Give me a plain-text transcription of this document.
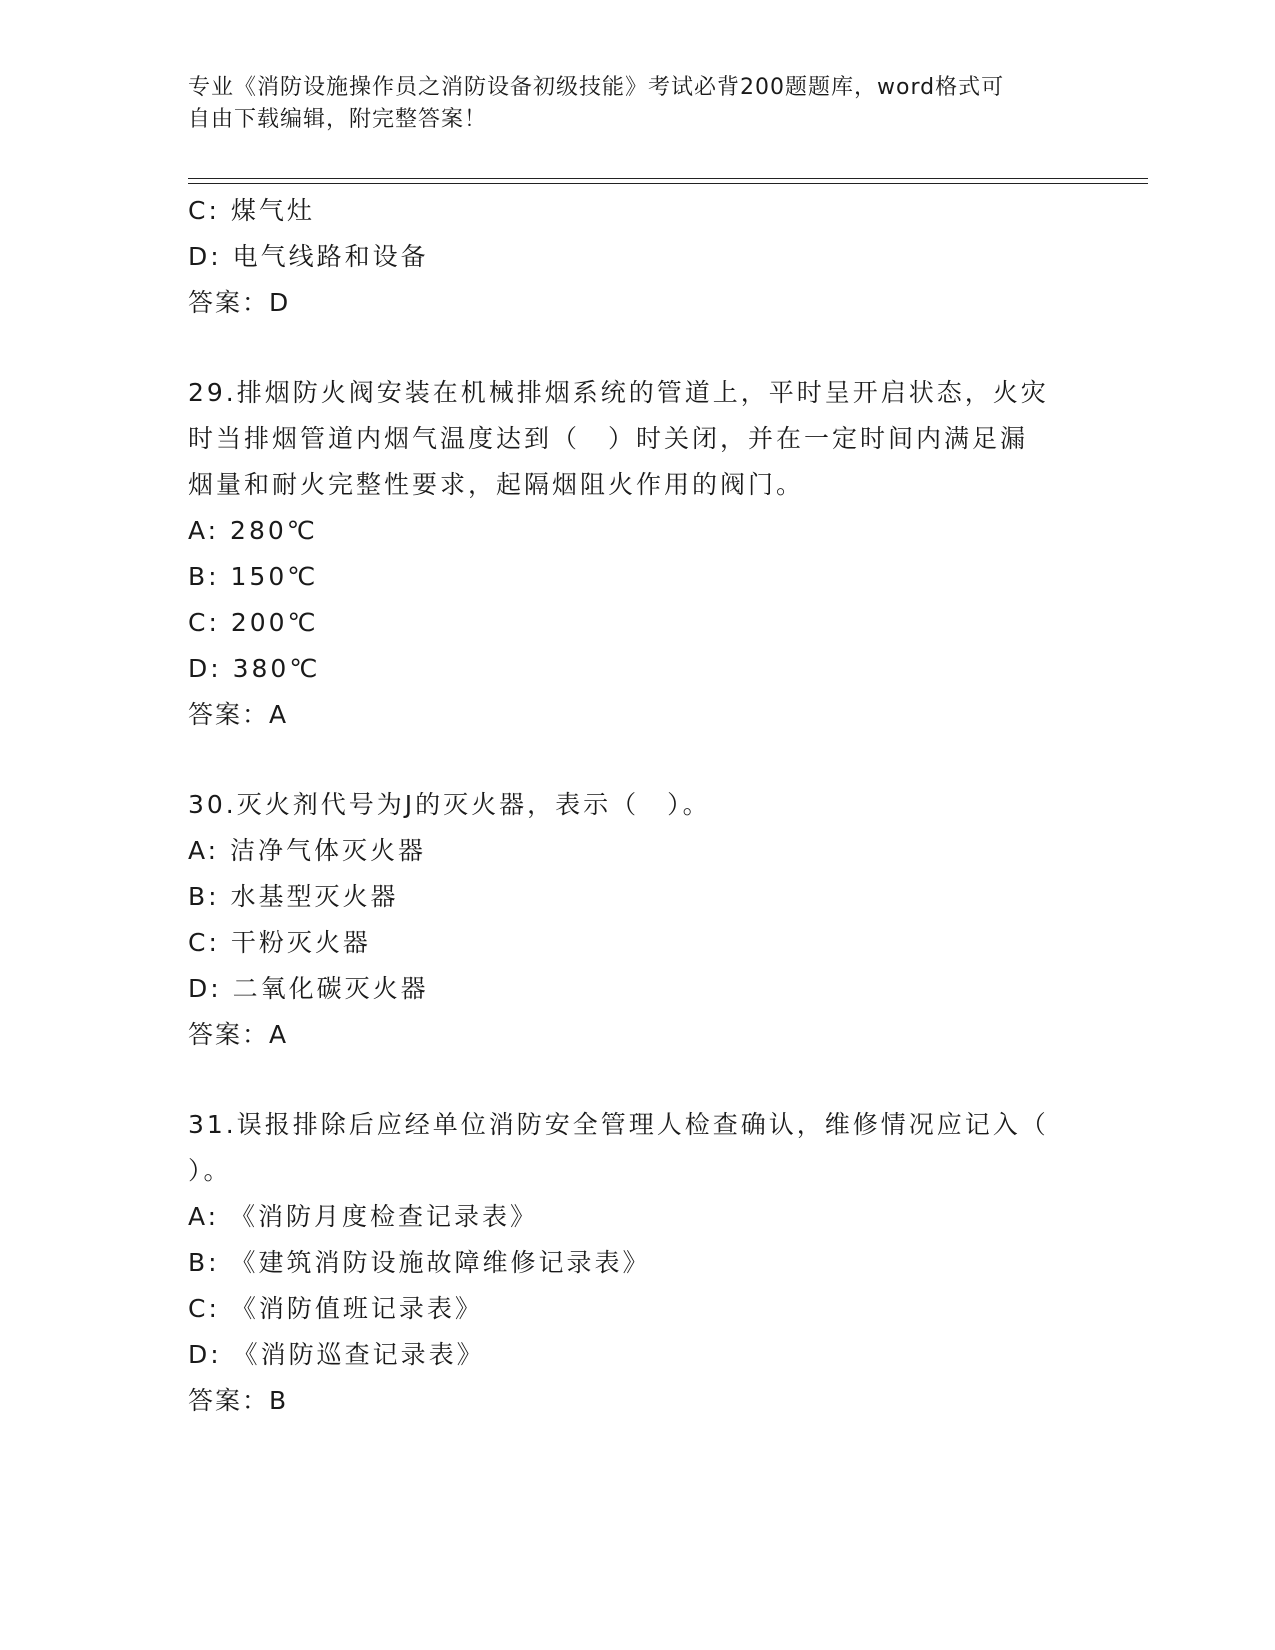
专业《消防设施操作员之消防设备初级技能》考试必背200题题库，word格式可
自由下载编辑，附完整答案！
C: 煤气灶
D: 电气线路和设备
答案：D
29.排烟防火阀安装在机械排烟系统的管道上，平时呈开启状态，火灾
时当排烟管道内烟气温度达到（　）时关闭，并在一定时间内满足漏
烟量和耐火完整性要求，起隔烟阻火作用的阀门。
A: 280℃
B: 150℃
C: 200℃
D: 380℃
答案：A
30.灭火剂代号为J的灭火器，表示（　）。
A: 洁净气体灭火器
B: 水基型灭火器
C: 干粉灭火器
D: 二氧化碳灭火器
答案：A
31.误报排除后应经单位消防安全管理人检查确认，维修情况应记入（
）。
A: 《消防月度检查记录表》
B: 《建筑消防设施故障维修记录表》
C: 《消防值班记录表》
D: 《消防巡查记录表》
答案：B
